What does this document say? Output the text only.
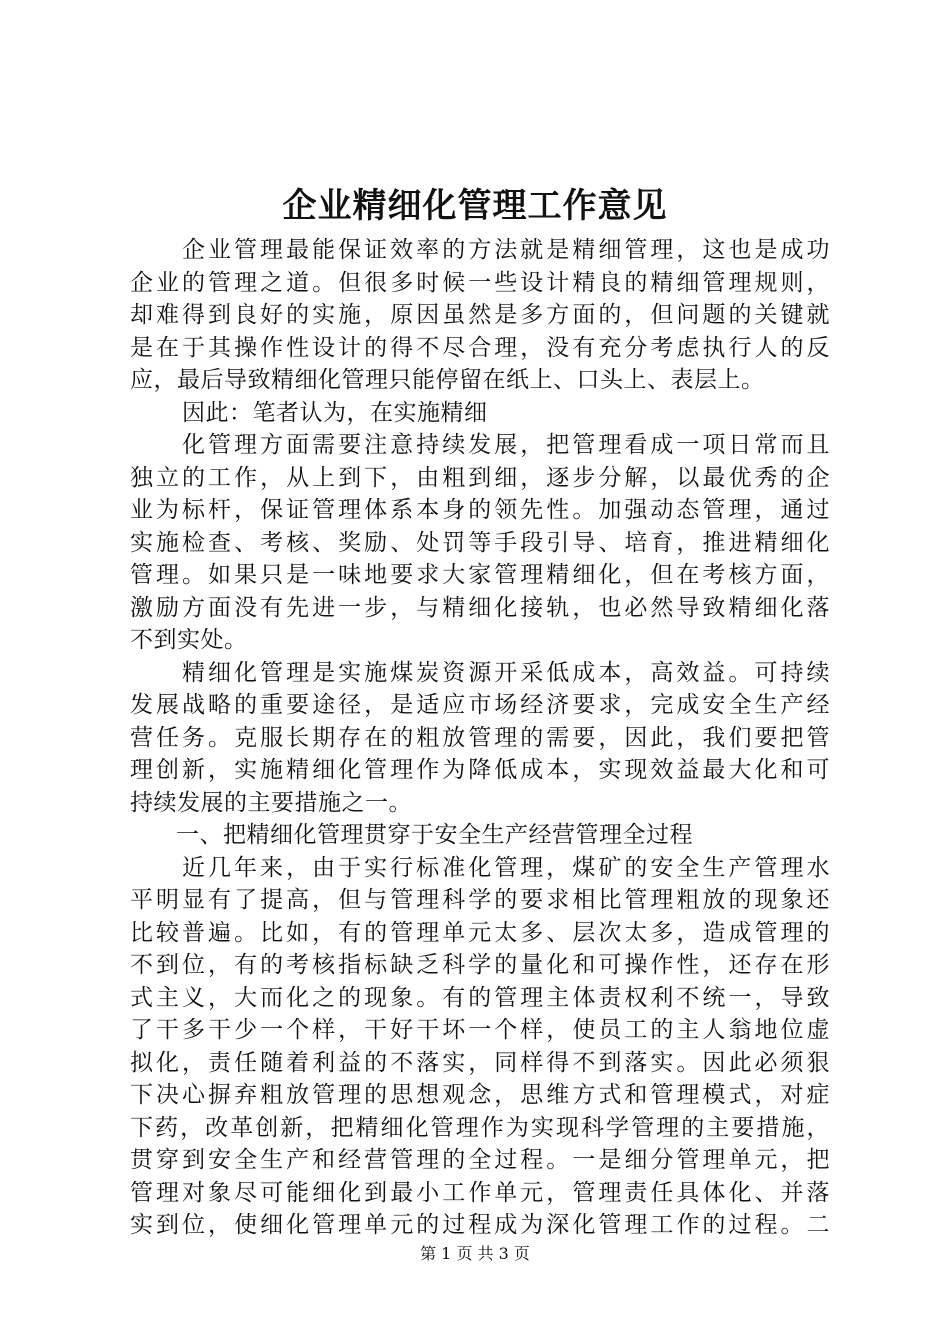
企业精细化管理工作意见
企业管理最能保证效率的方法就是精细管理，这也是成功
企业的管理之道。但很多时候一些设计精良的精细管理规则，
却难得到良好的实施，原因虽然是多方面的，但问题的关键就
是在于其操作性设计的得不尽合理，没有充分考虑执行人的反
应，最后导致精细化管理只能停留在纸上、口头上、表层上。
因此：笔者认为，在实施精细
化管理方面需要注意持续发展，把管理看成一项日常而且
独立的工作，从上到下，由粗到细，逐步分解，以最优秀的企
业为标杆，保证管理体系本身的领先性。加强动态管理，通过
实施检查、考核、奖励、处罚等手段引导、培育，推进精细化
管理。如果只是一味地要求大家管理精细化，但在考核方面，
激励方面没有先进一步，与精细化接轨，也必然导致精细化落
不到实处。
精细化管理是实施煤炭资源开采低成本，高效益。可持续
发展战略的重要途径，是适应市场经济要求，完成安全生产经
营任务。克服长期存在的粗放管理的需要，因此，我们要把管
理创新，实施精细化管理作为降低成本，实现效益最大化和可
持续发展的主要措施之一。
一、把精细化管理贯穿于安全生产经营管理全过程
近几年来，由于实行标准化管理，煤矿的安全生产管理水
平明显有了提高，但与管理科学的要求相比管理粗放的现象还
比较普遍。比如，有的管理单元太多、层次太多，造成管理的
不到位，有的考核指标缺乏科学的量化和可操作性，还存在形
式主义，大而化之的现象。有的管理主体责权利不统一，导致
了干多干少一个样，干好干坏一个样，使员工的主人翁地位虚
拟化，责任随着利益的不落实，同样得不到落实。因此必须狠
下决心摒弃粗放管理的思想观念，思维方式和管理模式，对症
下药，改革创新，把精细化管理作为实现科学管理的主要措施，
贯穿到安全生产和经营管理的全过程。一是细分管理单元，把
管理对象尽可能细化到最小工作单元，管理责任具体化、并落
实到位，使细化管理单元的过程成为深化管理工作的过程。二
第 1 页 共 3 页
